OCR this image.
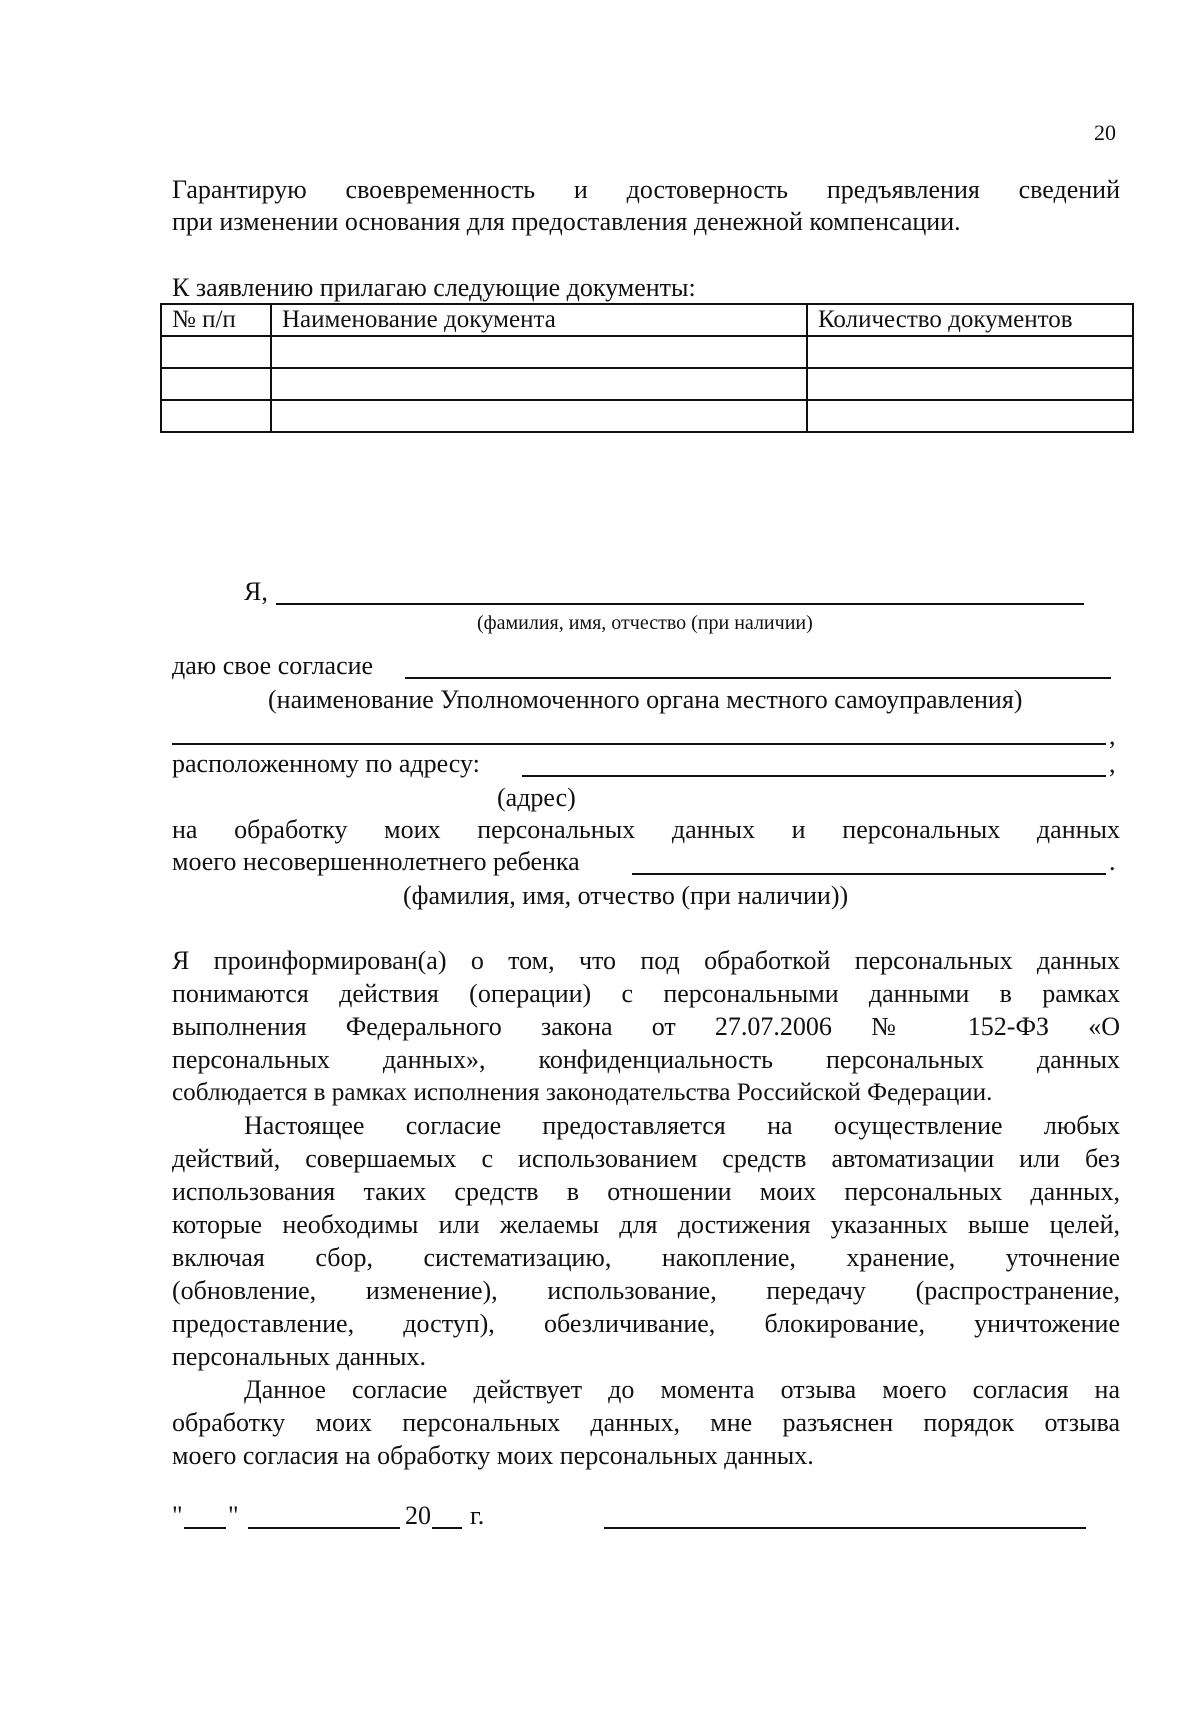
20
Гарантирую своевременность и достоверность предъявления сведений
при изменении основания для предоставления денежной компенсации.
К заявлению прилагаю следующие документы:
№ п/п	Наименование документа	Количество документов

Я,
(фамилия, имя, отчество (при наличии)
даю свое согласие
(наименование Уполномоченного органа местного самоуправления)
,
расположенному по адресу:	,
(адрес)
на обработку моих персональных данных и персональных данных
моего несовершеннолетнего ребенка	.
(фамилия, имя, отчество (при наличии))
Я проинформирован(а) о том, что под обработкой персональных данных
понимаются действия (операции) с персональными данными в рамках
выполнения Федерального закона от 27.07.2006 № 152-ФЗ «О
персональных данных», конфиденциальность персональных данных
соблюдается в рамках исполнения законодательства Российской Федерации.
Настоящее согласие предоставляется на осуществление любых
действий, совершаемых с использованием средств автоматизации или без
использования таких средств в отношении моих персональных данных,
которые необходимы или желаемы для достижения указанных выше целей,
включая сбор, систематизацию, накопление, хранение, уточнение
(обновление, изменение), использование, передачу (распространение,
предоставление, доступ), обезличивание, блокирование, уничтожение
персональных данных.
Данное согласие действует до момента отзыва моего согласия на
обработку моих персональных данных, мне разъяснен порядок отзыва
моего согласия на обработку моих персональных данных.
" "	20 г.
